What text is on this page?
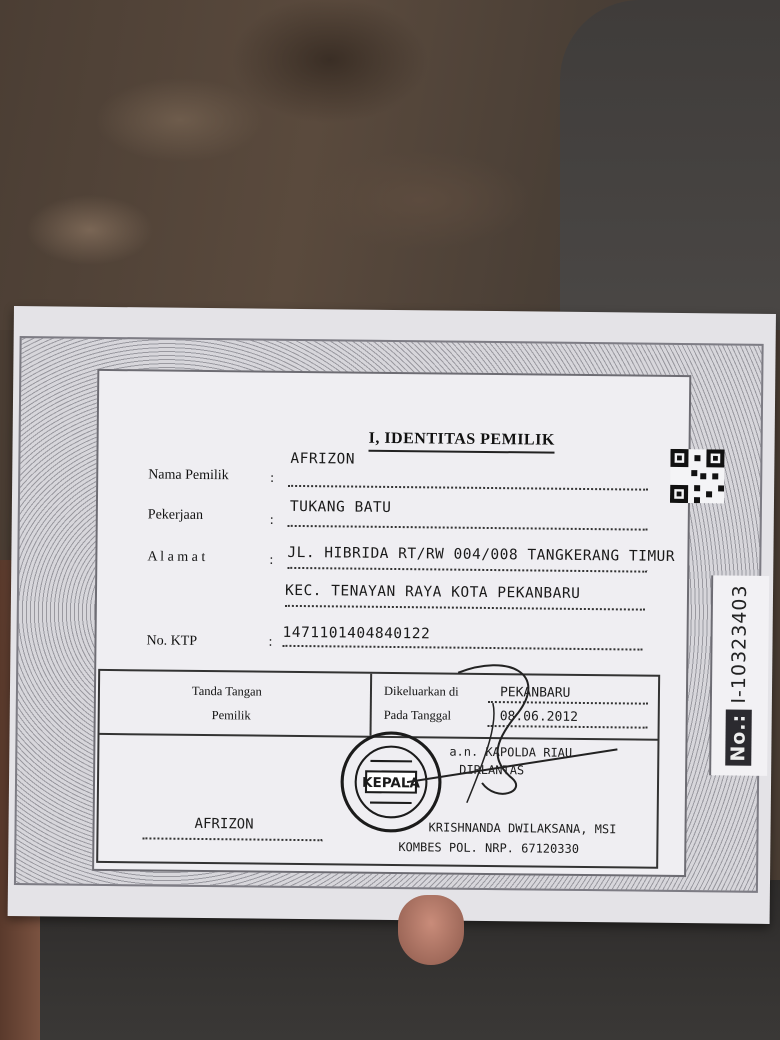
I, IDENTITAS PEMILIK
Nama Pemilik	:
AFRIZON
Pekerjaan	:
TUKANG BATU
A l a m a t	: JL. HIBRIDA RT/RW 004/008 TANGKERANG TIMUR
KEC. TENAYAN RAYA KOTA PEKANBARU
No. KTP	: 1471101404840122
Tanda Tangan
Pemilik
Dikeluarkan di	PEKANBARU
Pada Tanggal	08.06.2012
a.n. KAPOLDA RIAU
DIRLANTAS
KRISHNANDA DWILAKSANA, MSI
KOMBES POL. NRP. 67120330
AFRIZON
KEPALA
No.:
I-10323403
